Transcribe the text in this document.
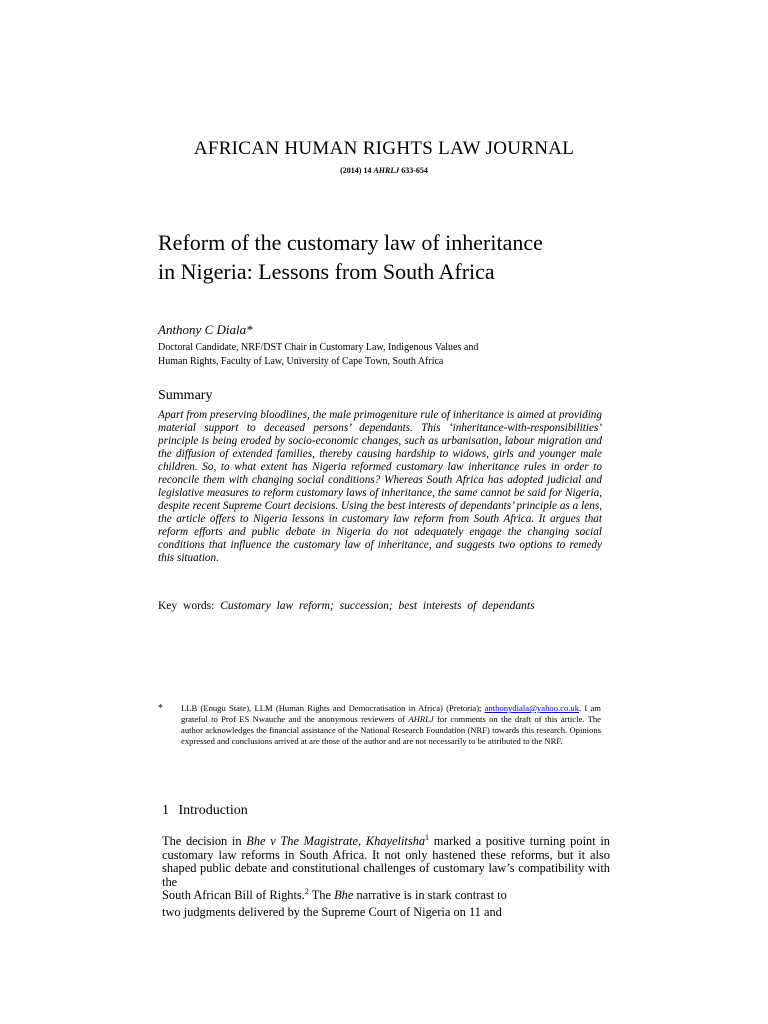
AFRICAN HUMAN RIGHTS LAW JOURNAL
(2014) 14 AHRLJ 633-654
Reform of the customary law of inheritance
in Nigeria: Lessons from South Africa
Anthony C Diala*
Doctoral Candidate, NRF/DST Chair in Customary Law, Indigenous Values and
Human Rights, Faculty of Law, University of Cape Town, South Africa
Summary

Apart from preserving bloodlines, the male primogeniture rule of inheritance is aimed at providing material support to deceased persons’ dependants. This ‘inheritance-with-responsibilities’ principle is being eroded by socio-economic changes, such as urbanisation, labour migration and the diffusion of extended families, thereby causing hardship to widows, girls and younger male children. So, to what extent has Nigeria reformed customary law inheritance rules in order to reconcile them with changing social conditions? Whereas South Africa has adopted judicial and legislative measures to reform customary laws of inheritance, the same cannot be said for Nigeria, despite recent Supreme Court decisions. Using the best interests of dependants’ principle as a lens, the article offers to Nigeria lessons in customary law reform from South Africa. It argues that reform efforts and public debate in Nigeria do not adequately engage the changing social conditions that influence the customary law of inheritance, and suggests two options to remedy this situation.

Key words: Customary law reform; succession; best interests of dependants
* LLB (Enugu State), LLM (Human Rights and Democratisation in Africa) (Pretoria); anthonydiala@yahoo.co.uk. I am grateful to Prof ES Nwauche and the anonymous reviewers of AHRLJ for comments on the draft of this article. The author acknowledges the financial assistance of the National Research Foundation (NRF) towards this research. Opinions expressed and conclusions arrived at are those of the author and are not necessarily to be attributed to the NRF.

1 Introduction

The decision in Bhe v The Magistrate, Khayelitsha$^1$ marked a positive turning point in customary law reforms in South Africa. It not only hastened these reforms, but it also shaped public debate and constitutional challenges of customary law’s compatibility with the

South African Bill of Rights.$^2$ The Bhe narrative is in stark contrast to
two judgments delivered by the Supreme Court of Nigeria on 11 and
